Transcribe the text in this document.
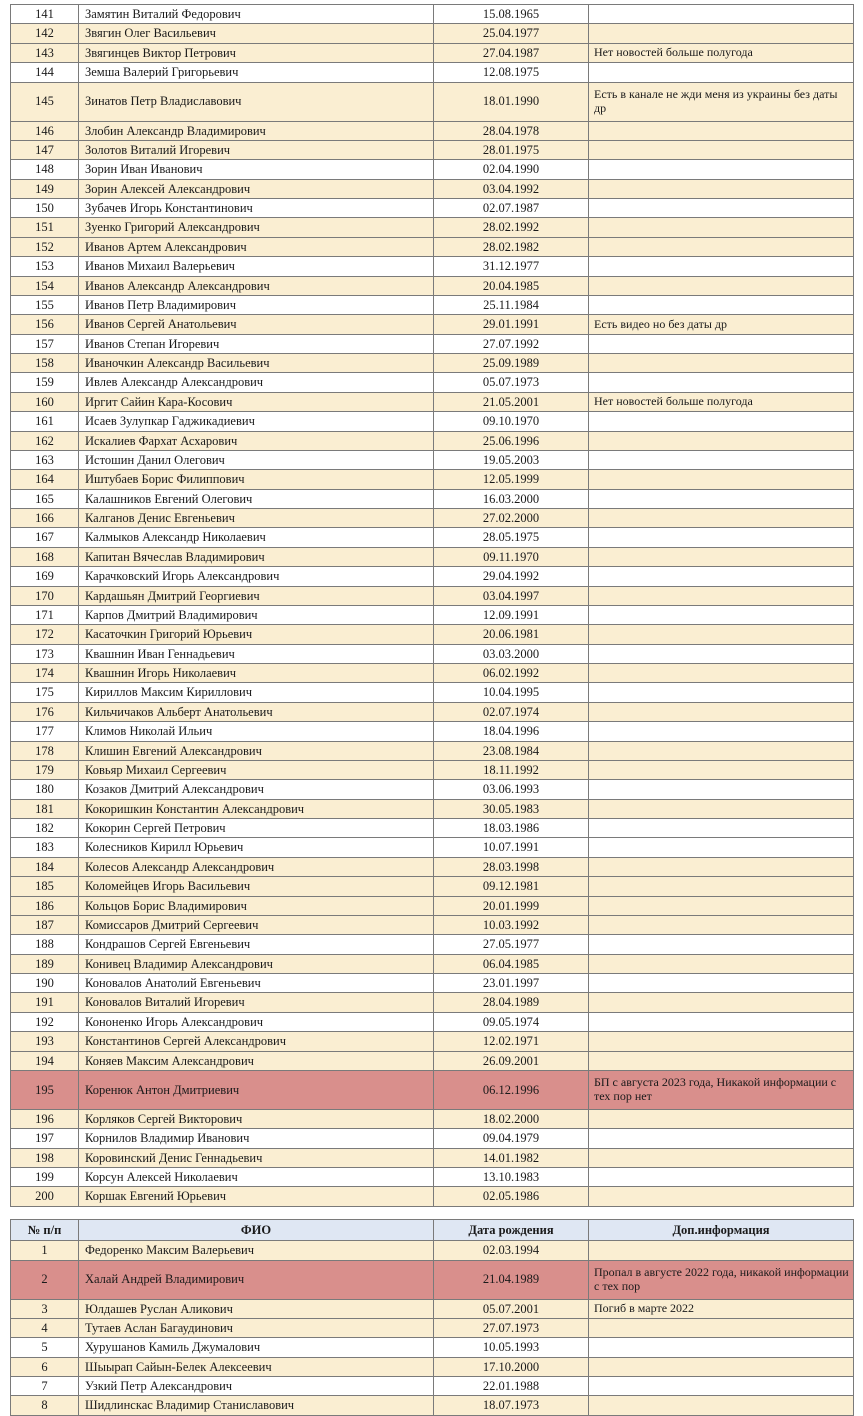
141	Замятин Виталий Федорович	15.08.1965	
142	Звягин Олег Васильевич	25.04.1977	
143	Звягинцев Виктор Петрович	27.04.1987	Нет новостей больше полугода
144	Земша Валерий Григорьевич	12.08.1975	
145	Зинатов Петр Владиславович	18.01.1990	Есть в канале не жди меня из украины без даты др
146	Злобин Александр Владимирович	28.04.1978	
147	Золотов Виталий Игоревич	28.01.1975	
148	Зорин Иван Иванович	02.04.1990	
149	Зорин Алексей Александрович	03.04.1992	
150	Зубачев Игорь Константинович	02.07.1987	
151	Зуенко Григорий Александрович	28.02.1992	
152	Иванов Артем Александрович	28.02.1982	
153	Иванов Михаил Валерьевич	31.12.1977	
154	Иванов Александр Александрович	20.04.1985	
155	Иванов Петр Владимирович	25.11.1984	
156	Иванов Сергей Анатольевич	29.01.1991	Есть видео но без даты др
157	Иванов Степан Игоревич	27.07.1992	
158	Иваночкин Александр Васильевич	25.09.1989	
159	Ивлев Александр Александрович	05.07.1973	
160	Иргит Сайин Кара-Косович	21.05.2001	Нет новостей больше полугода
161	Исаев Зулупкар Гаджикадиевич	09.10.1970	
162	Искалиев Фархат Асхарович	25.06.1996	
163	Истошин Данил Олегович	19.05.2003	
164	Иштубаев Борис Филиппович	12.05.1999	
165	Калашников Евгений Олегович	16.03.2000	
166	Калганов Денис Евгеньевич	27.02.2000	
167	Калмыков Александр Николаевич	28.05.1975	
168	Капитан Вячеслав Владимирович	09.11.1970	
169	Карачковский Игорь Александрович	29.04.1992	
170	Кардашьян Дмитрий Георгиевич	03.04.1997	
171	Карпов Дмитрий Владимирович	12.09.1991	
172	Касаточкин Григорий Юрьевич	20.06.1981	
173	Квашнин Иван Геннадьевич	03.03.2000	
174	Квашнин Игорь Николаевич	06.02.1992	
175	Кириллов Максим Кириллович	10.04.1995	
176	Кильчичаков Альберт Анатольевич	02.07.1974	
177	Климов Николай Ильич	18.04.1996	
178	Клишин Евгений Александрович	23.08.1984	
179	Ковьяр Михаил Сергеевич	18.11.1992	
180	Козаков Дмитрий Александрович	03.06.1993	
181	Кокоришкин Константин Александрович	30.05.1983	
182	Кокорин Сергей Петрович	18.03.1986	
183	Колесников Кирилл Юрьевич	10.07.1991	
184	Колесов Александр Александрович	28.03.1998	
185	Коломейцев Игорь Васильевич	09.12.1981	
186	Кольцов Борис Владимирович	20.01.1999	
187	Комиссаров Дмитрий Сергеевич	10.03.1992	
188	Кондрашов Сергей Евгеньевич	27.05.1977	
189	Конивец Владимир Александрович	06.04.1985	
190	Коновалов Анатолий Евгеньевич	23.01.1997	
191	Коновалов Виталий Игоревич	28.04.1989	
192	Кононенко Игорь Александрович	09.05.1974	
193	Константинов Сергей Александрович	12.02.1971	
194	Коняев Максим Александрович	26.09.2001	
195	Коренюк Антон Дмитриевич	06.12.1996	БП с августа 2023 года, Никакой информации с тех пор нет
196	Корляков Сергей Викторович	18.02.2000	
197	Корнилов Владимир Иванович	09.04.1979	
198	Коровинский Денис Геннадьевич	14.01.1982	
199	Корсун Алексей Николаевич	13.10.1983	
200	Коршак Евгений Юрьевич	02.05.1986	
№ п/п	ФИО	Дата рождения	Доп.информация
1	Федоренко Максим Валерьевич	02.03.1994	
2	Халай Андрей Владимирович	21.04.1989	Пропал в августе 2022 года, никакой информации с тех пор
3	Юлдашев Руслан Аликович	05.07.2001	Погиб в марте 2022
4	Тутаев Аслан Багаудинович	27.07.1973	
5	Хурушанов Камиль Джумалович	10.05.1993	
6	Шыырап Сайын-Белек Алексеевич	17.10.2000	
7	Узкий Петр Александрович	22.01.1988	
8	Шидлинскас Владимир Станиславович	18.07.1973	
